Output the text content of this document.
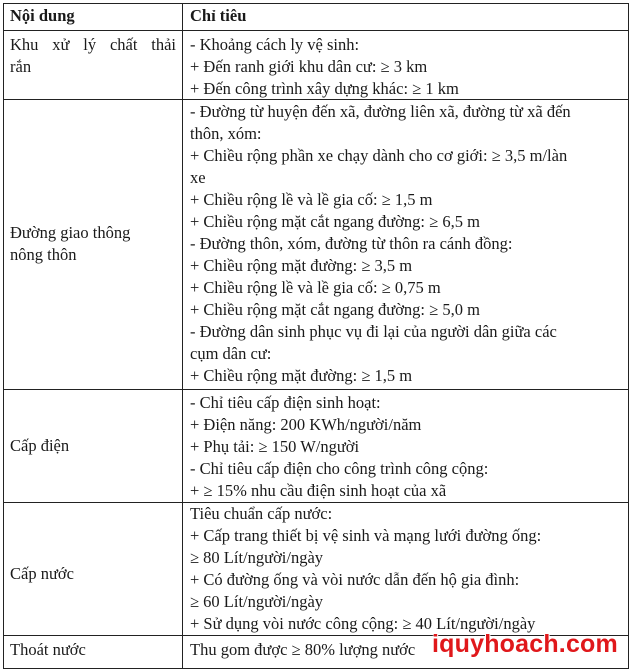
Nội dung	Chỉ tiêu
Khu xử lý chất thải
rắn
- Khoảng cách ly vệ sinh:
+ Đến ranh giới khu dân cư: ≥ 3 km
+ Đến công trình xây dựng khác: ≥ 1 km
Đường giao thông
nông thôn
- Đường từ huyện đến xã, đường liên xã, đường từ xã đến
thôn, xóm:
+ Chiều rộng phần xe chạy dành cho cơ giới: ≥ 3,5 m/làn
xe
+ Chiều rộng lề và lề gia cố: ≥ 1,5 m
+ Chiều rộng mặt cắt ngang đường: ≥ 6,5 m
- Đường thôn, xóm, đường từ thôn ra cánh đồng:
+ Chiều rộng mặt đường: ≥ 3,5 m
+ Chiều rộng lề và lề gia cố: ≥ 0,75 m
+ Chiều rộng mặt cắt ngang đường: ≥ 5,0 m
- Đường dân sinh phục vụ đi lại của người dân giữa các
cụm dân cư:
+ Chiều rộng mặt đường: ≥ 1,5 m
Cấp điện
- Chỉ tiêu cấp điện sinh hoạt:
+ Điện năng: 200 KWh/người/năm
+ Phụ tải: ≥ 150 W/người
- Chỉ tiêu cấp điện cho công trình công cộng:
+ ≥ 15% nhu cầu điện sinh hoạt của xã
Cấp nước
Tiêu chuẩn cấp nước:
+ Cấp trang thiết bị vệ sinh và mạng lưới đường ống:
≥ 80 Lít/người/ngày
+ Có đường ống và vòi nước dẫn đến hộ gia đình:
≥ 60 Lít/người/ngày
+ Sử dụng vòi nước công cộng: ≥ 40 Lít/người/ngày
Thoát nước	Thu gom được ≥ 80% lượng nước iquyhoach.com
